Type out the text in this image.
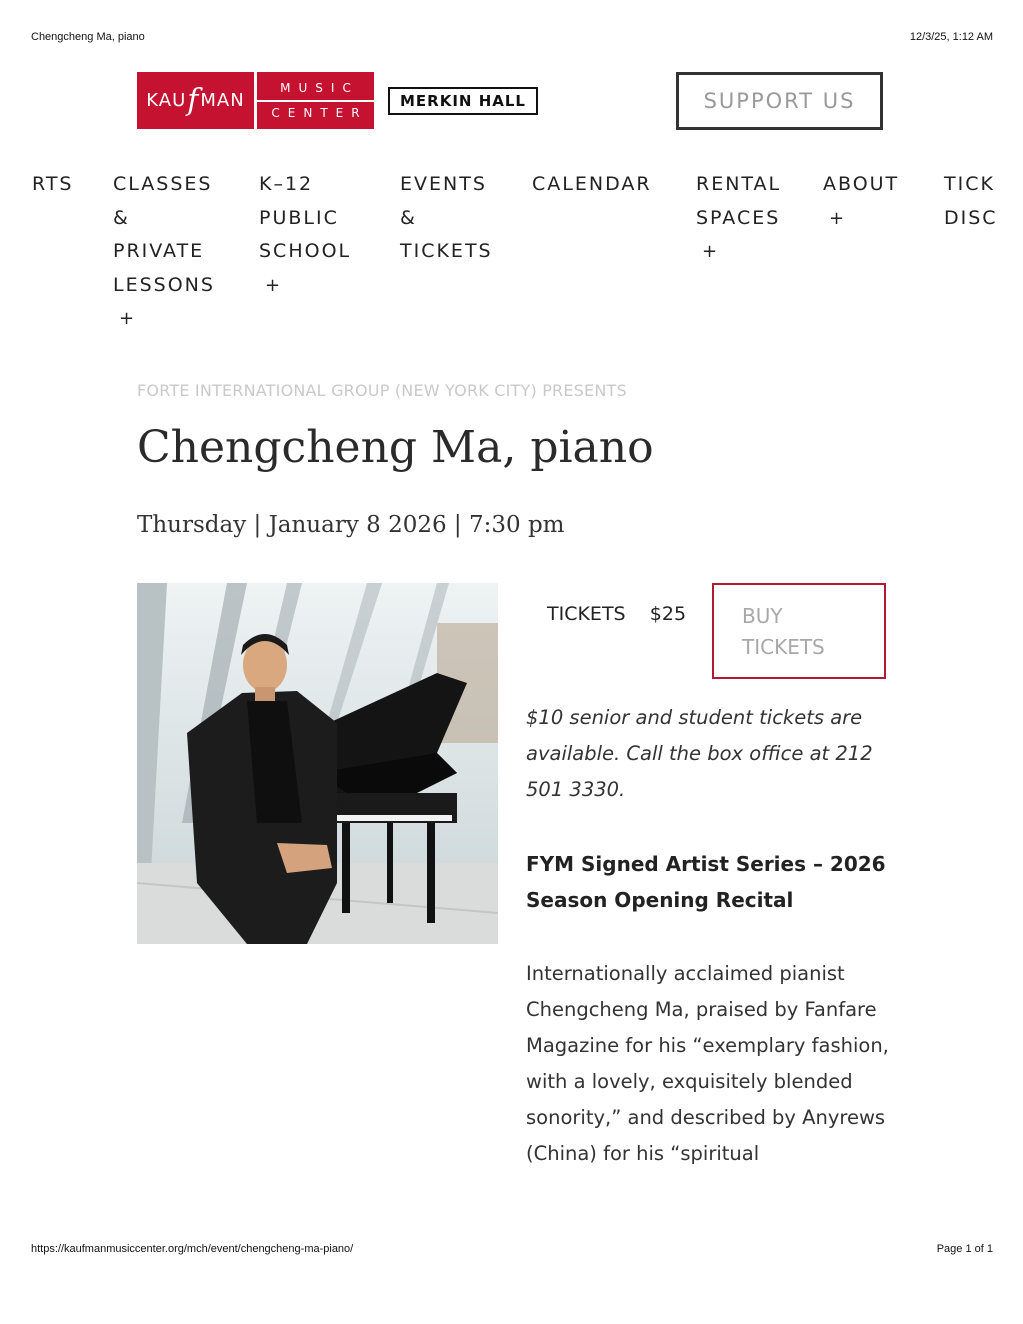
Chengcheng Ma, piano	12/3/25, 1:12 AM
KAU f MAN
MUSIC
CENTER
MERKIN HALL	SUPPORT US
RTS CLASSES
&
PRIVATE
LESSONS
+
K–12
PUBLIC
SCHOOL
+
EVENTS
&
TICKETS
CALENDAR RENTAL
SPACES
+
ABOUT
+
TICK
DISC
FORTE INTERNATIONAL GROUP (NEW YORK CITY) PRESENTS
Chengcheng Ma, piano
Thursday | January 8 2026 | 7:30 pm
TICKETS $25	BUY
TICKETS

$10 senior and student tickets are available. Call the box office at 212 501 3330.

FYM Signed Artist Series – 2026 Season Opening Recital

Internationally acclaimed pianist Chengcheng Ma, praised by Fanfare Magazine for his “exemplary fashion, with a lovely, exquisitely blended sonority,” and described by Anyrews (China) for his “spiritual

https://kaufmanmusiccenter.org/mch/event/chengcheng-ma-piano/	Page 1 of 1
